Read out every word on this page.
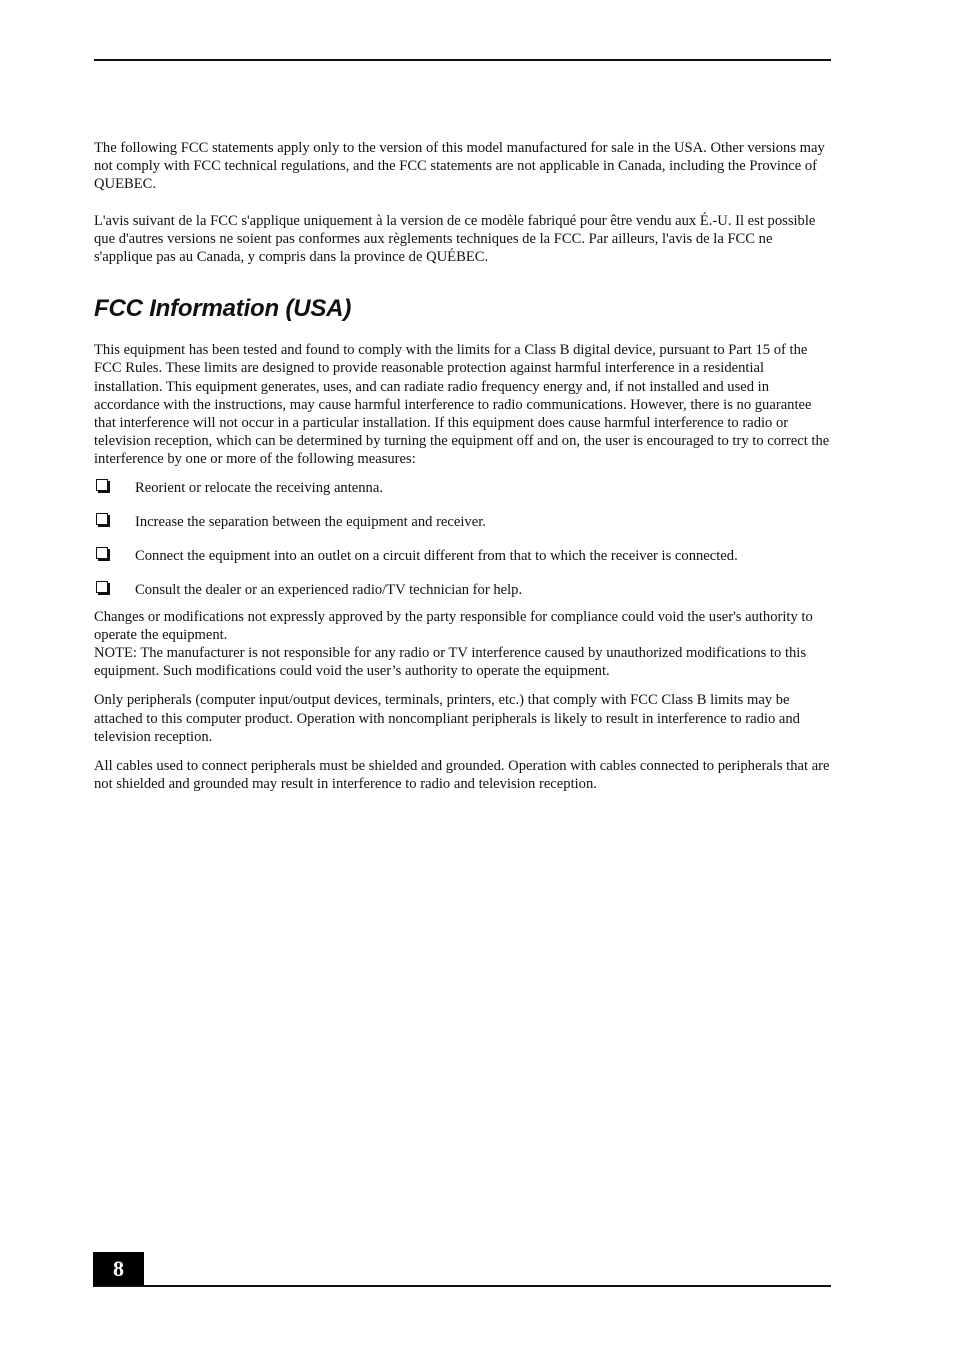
The following FCC statements apply only to the version of this model manufactured for sale in the USA. Other versions may not comply with FCC technical regulations, and the FCC statements are not applicable in Canada, including the Province of QUEBEC.

L'avis suivant de la FCC s'applique uniquement à la version de ce modèle fabriqué pour être vendu aux É.-U. Il est possible que d'autres versions ne soient pas conformes aux règlements techniques de la FCC. Par ailleurs, l'avis de la FCC ne s'applique pas au Canada, y compris dans la province de QUÉBEC.

FCC Information (USA)

This equipment has been tested and found to comply with the limits for a Class B digital device, pursuant to Part 15 of the FCC Rules. These limits are designed to provide reasonable protection against harmful interference in a residential installation. This equipment generates, uses, and can radiate radio frequency energy and, if not installed and used in accordance with the instructions, may cause harmful interference to radio communications. However, there is no guarantee that interference will not occur in a particular installation. If this equipment does cause harmful interference to radio or television reception, which can be determined by turning the equipment off and on, the user is encouraged to try to correct the interference by one or more of the following measures:

Reorient or relocate the receiving antenna.
Increase the separation between the equipment and receiver.
Connect the equipment into an outlet on a circuit different from that to which the receiver is connected.
Consult the dealer or an experienced radio/TV technician for help.

Changes or modifications not expressly approved by the party responsible for compliance could void the user's authority to operate the equipment.

NOTE: The manufacturer is not responsible for any radio or TV interference caused by unauthorized modifications to this equipment. Such modifications could void the user’s authority to operate the equipment.

Only peripherals (computer input/output devices, terminals, printers, etc.) that comply with FCC Class B limits may be attached to this computer product. Operation with noncompliant peripherals is likely to result in interference to radio and television reception.

All cables used to connect peripherals must be shielded and grounded. Operation with cables connected to peripherals that are not shielded and grounded may result in interference to radio and television reception.

8
